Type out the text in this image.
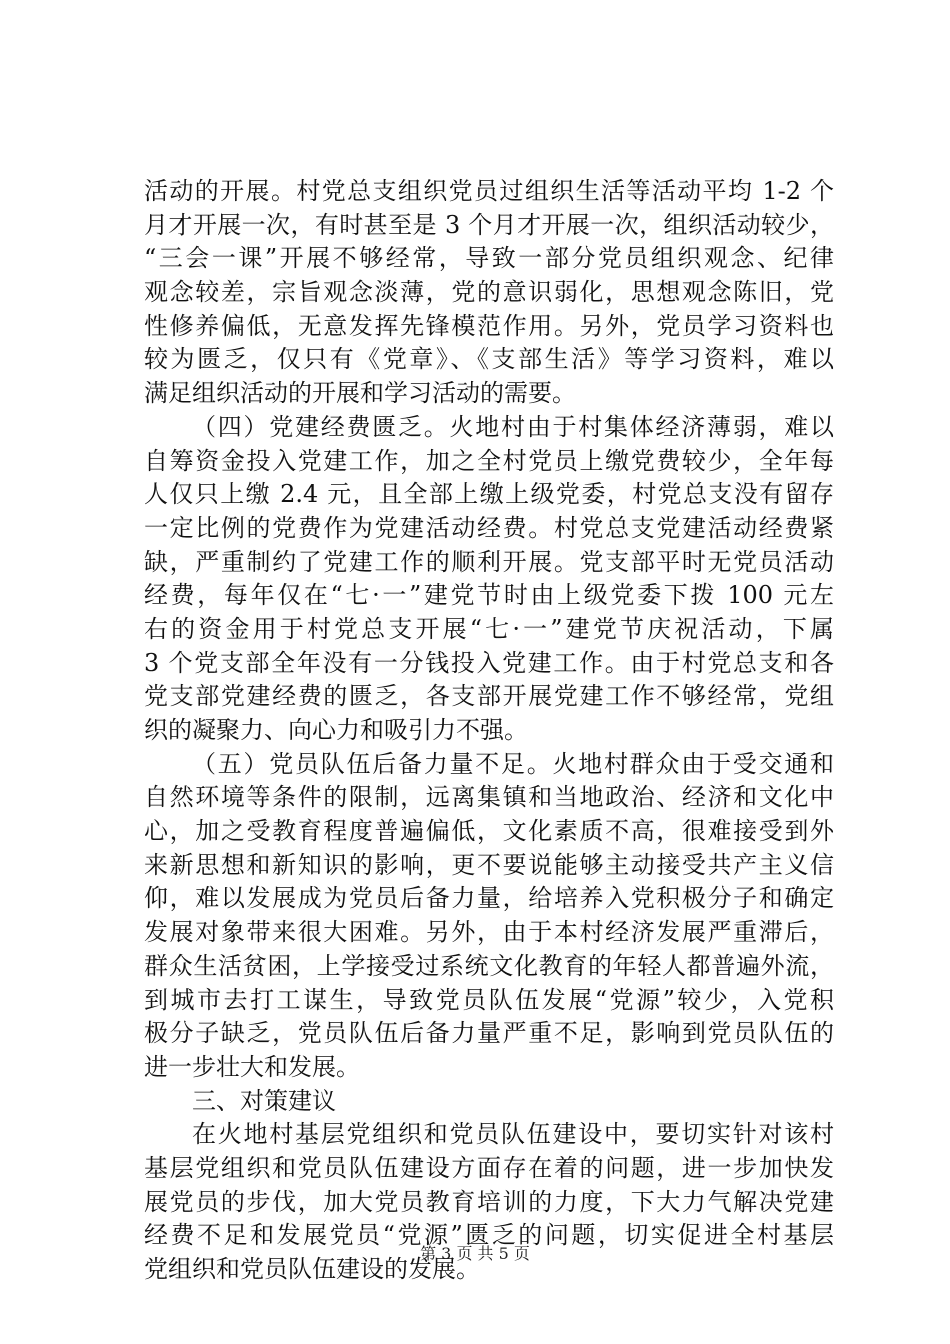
活动的开展。村党总支组织党员过组织生活等活动平均 1-2 个
月才开展一次，有时甚至是 3 个月才开展一次，组织活动较少，
“三会一课”开展不够经常，导致一部分党员组织观念、纪律
观念较差，宗旨观念淡薄，党的意识弱化，思想观念陈旧，党
性修养偏低，无意发挥先锋模范作用。另外，党员学习资料也
较为匮乏，仅只有《党章》、《支部生活》等学习资料，难以
满足组织活动的开展和学习活动的需要。
（四）党建经费匮乏。火地村由于村集体经济薄弱，难以
自筹资金投入党建工作，加之全村党员上缴党费较少，全年每
人仅只上缴 2.4 元，且全部上缴上级党委，村党总支没有留存
一定比例的党费作为党建活动经费。村党总支党建活动经费紧
缺，严重制约了党建工作的顺利开展。党支部平时无党员活动
经费，每年仅在“七·一”建党节时由上级党委下拨 100 元左
右的资金用于村党总支开展“七·一”建党节庆祝活动，下属
3 个党支部全年没有一分钱投入党建工作。由于村党总支和各
党支部党建经费的匮乏，各支部开展党建工作不够经常，党组
织的凝聚力、向心力和吸引力不强。
（五）党员队伍后备力量不足。火地村群众由于受交通和
自然环境等条件的限制，远离集镇和当地政治、经济和文化中
心，加之受教育程度普遍偏低，文化素质不高，很难接受到外
来新思想和新知识的影响，更不要说能够主动接受共产主义信
仰，难以发展成为党员后备力量，给培养入党积极分子和确定
发展对象带来很大困难。另外，由于本村经济发展严重滞后，
群众生活贫困，上学接受过系统文化教育的年轻人都普遍外流，
到城市去打工谋生，导致党员队伍发展“党源”较少，入党积
极分子缺乏，党员队伍后备力量严重不足，影响到党员队伍的
进一步壮大和发展。
三、对策建议
在火地村基层党组织和党员队伍建设中，要切实针对该村
基层党组织和党员队伍建设方面存在着的问题，进一步加快发
展党员的步伐，加大党员教育培训的力度，下大力气解决党建
经费不足和发展党员“党源”匮乏的问题，切实促进全村基层
党组织和党员队伍建设的发展。
第 3 页 共 5 页
